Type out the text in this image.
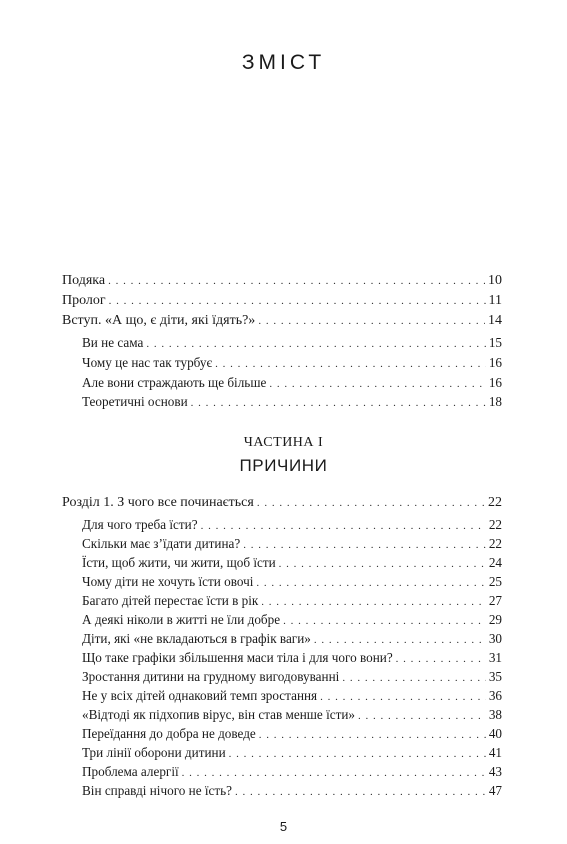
ЗМІСТ
Подяка . . .	10
Пролог . . .	11
Вступ. «А що, є діти, які їдять?» . . .	14
Ви не сама . . .	15
Чому це нас так турбує . . .	16
Але вони страждають ще більше . . .	16
Теоретичні основи . . .	18
Розділ 1. З чого все починається . . .	22
Для чого треба їсти? . . .	22
Скільки має з’їдати дитина? . . .	22
Їсти, щоб жити, чи жити, щоб їсти . . .	24
Чому діти не хочуть їсти овочі . . .	25
Багато дітей перестає їсти в рік . . .	27
А деякі ніколи в житті не їли добре . . .	29
Діти, які «не вкладаються в графік ваги» . . .	30
Що таке графіки збільшення маси тіла і для чого вони? . . .	31
Зростання дитини на грудному вигодовуванні . . .	35
Не у всіх дітей однаковий темп зростання . . .	36
«Відтоді як підхопив вірус, він став менше їсти» . . .	38
Переїдання до добра не доведе . . .	40
Три лінії оборони дитини . . .	41
Проблема алергії . . .	43
Він справді нічого не їсть? . . .	47
ЧАСТИНА І
ПРИЧИНИ
5
